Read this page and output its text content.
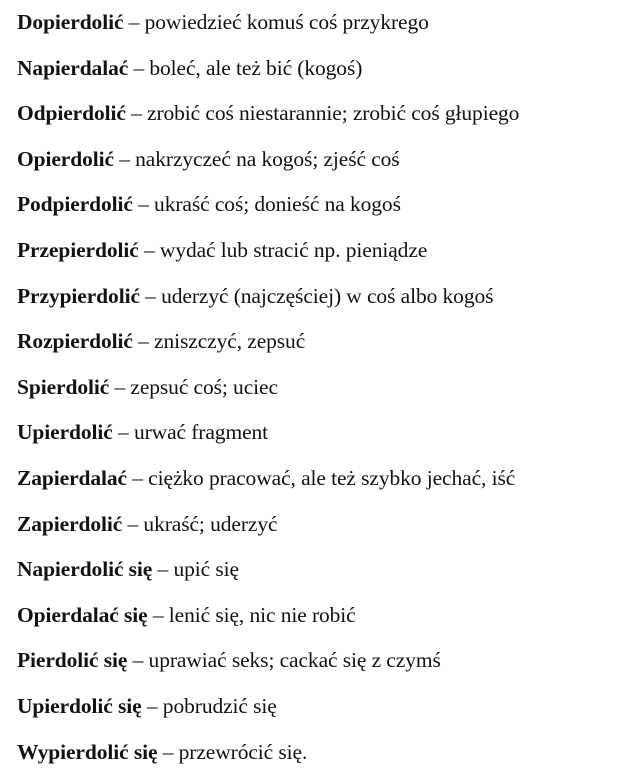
Dopierdolić – powiedzieć komuś coś przykrego
Napierdalać – boleć, ale też bić (kogoś)
Odpierdolić – zrobić coś niestarannie; zrobić coś głupiego
Opierdolić – nakrzyczeć na kogoś; zjeść coś
Podpierdolić – ukraść coś; donieść na kogoś
Przepierdolić – wydać lub stracić np. pieniądze
Przypierdolić – uderzyć (najczęściej) w coś albo kogoś
Rozpierdolić – zniszczyć, zepsuć
Spierdolić – zepsuć coś; uciec
Upierdolić – urwać fragment
Zapierdalać – ciężko pracować, ale też szybko jechać, iść
Zapierdolić – ukraść; uderzyć
Napierdolić się – upić się
Opierdalać się – lenić się, nic nie robić
Pierdolić się – uprawiać seks; cackać się z czymś
Upierdolić się – pobrudzić się
Wypierdolić się – przewrócić się.
